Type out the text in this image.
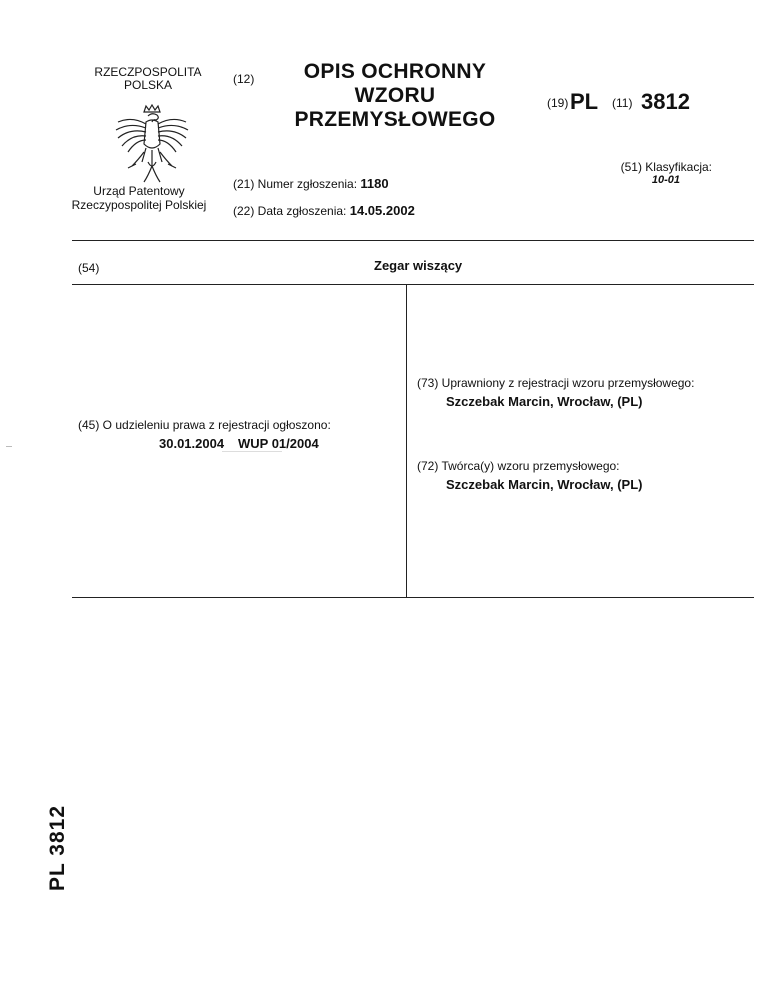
RZECZPOSPOLITA
POLSKA
Urząd Patentowy
Rzeczypospolitej Polskiej
(12)	OPIS OCHRONNY
WZORU
PRZEMYSŁOWEGO
(19) PL (11) 3812
(51) Klasyfikacja:
10-01
(21) Numer zgłoszenia: 1180
(22) Data zgłoszenia: 14.05.2002
(54)	Zegar wiszący
(45) O udzieleniu prawa z rejestracji ogłoszono:
30.01.2004 WUP 01/2004
(73) Uprawniony z rejestracji wzoru przemysłowego:
Szczebak Marcin, Wrocław, (PL)
(72) Twórca(y) wzoru przemysłowego:
Szczebak Marcin, Wrocław, (PL)
PL 3812
